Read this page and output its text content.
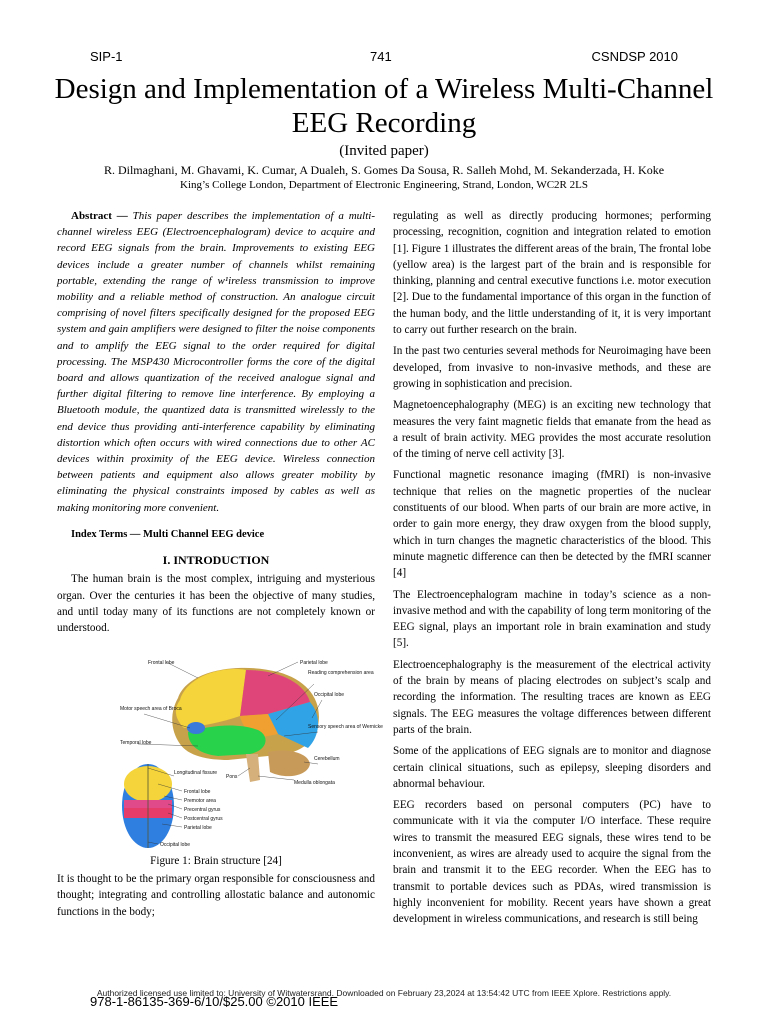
SIP-1	741	CSNDSP 2010
Design and Implementation of a Wireless Multi-Channel EEG Recording
(Invited paper)
R. Dilmaghani, M. Ghavami, K. Cumar, A Dualeh, S. Gomes Da Sousa, R. Salleh Mohd, M. Sekanderzada, H. Koke
King’s College London, Department of Electronic Engineering, Strand, London, WC2R 2LS

Abstract — This paper describes the implementation of a multi-channel wireless EEG (Electroencephalogram) device to acquire and record EEG signals from the brain. Improvements to existing EEG devices include a greater number of channels whilst remaining portable, extending the range of w¹ireless transmission to improve mobility and a reliable method of construction. An analogue circuit comprising of novel filters specifically designed for the proposed EEG system and gain amplifiers were designed to filter the noise components and to amplify the EEG signal to the order required for digital processing. The MSP430 Microcontroller forms the core of the digital board and allows quantization of the received analogue signal and further digital filtering to remove line interference. By employing a Bluetooth module, the quantized data is transmitted wirelessly to the end device thus providing anti-interference capability by eliminating distortion which often occurs with wired connections due to other AC devices within proximity of the EEG device. Wireless connection between patients and equipment also allows greater mobility by eliminating the physical constraints imposed by cables as well as making monitoring more convenient.

Index Terms — Multi Channel EEG device

I. INTRODUCTION

The human brain is the most complex, intriguing and mysterious organ. Over the centuries it has been the objective of many studies, and until today many of its functions are not completely known or understood.

Frontal lobe	Parietal lobe
Reading comprehension area
Occipital lobe
Motor speech area of Broca
Sensory speech area of Wernicke
Temporal lobe
Cerebellum
Pons
Medulla oblongata
Longitudinal fissure
Frontal lobe
Premotor area
Precentral gyrus
Postcentral gyrus
Parietal lobe
Occipital lobe
Figure 1: Brain structure [24]
It is thought to be the primary organ responsible for consciousness and thought; integrating and controlling allostatic balance and autonomic functions in the body;

regulating as well as directly producing hormones; performing processing, recognition, cognition and integration related to emotion [1]. Figure 1 illustrates the different areas of the brain, The frontal lobe (yellow area) is the largest part of the brain and is responsible for thinking, planning and central executive functions i.e. motor execution [2]. Due to the fundamental importance of this organ in the function of the human body, and the little understanding of it, it is very important to carry out further research on the brain.

In the past two centuries several methods for Neuroimaging have been developed, from invasive to non-invasive methods, and these are growing in sophistication and precision.

Magnetoencephalography (MEG) is an exciting new technology that measures the very faint magnetic fields that emanate from the head as a result of brain activity. MEG provides the most accurate resolution of the timing of nerve cell activity [3].

Functional magnetic resonance imaging (fMRI) is non-invasive technique that relies on the magnetic properties of the nuclear constituents of our blood. When parts of our brain are more active, in order to gain more energy, they draw oxygen from the blood supply, which in turn changes the magnetic characteristics of the blood. This minute magnetic difference can then be detected by the fMRI scanner [4]

The Electroencephalogram machine in today’s science as a non-invasive method and with the capability of long term monitoring of the EEG signal, plays an important role in brain examination and study [5].

Electroencephalography is the measurement of the electrical activity of the brain by means of placing electrodes on subject’s scalp and recording the information. The resulting traces are known as EEG signals. The EEG measures the voltage differences between different parts of the brain.

Some of the applications of EEG signals are to monitor and diagnose certain clinical situations, such as epilepsy, sleeping disorders and abnormal behaviour.

EEG recorders based on personal computers (PC) have to communicate with it via the computer I/O interface. These require wires to transmit the measured EEG signals, these wires tend to be inconvenient, as wires are already used to acquire the signal from the brain and transmit it to the EEG recorder. When the EEG has to transmit to portable devices such as PDAs, wired transmission is highly inconvenient for mobility. Recent years have shown a great development in wireless communications, and research is still being

Authorized licensed use limited to: University of Witwatersrand. Downloaded on February 23,2024 at 13:54:42 UTC from IEEE Xplore. Restrictions apply.
978-1-86135-369-6/10/$25.00 ©2010 IEEE
